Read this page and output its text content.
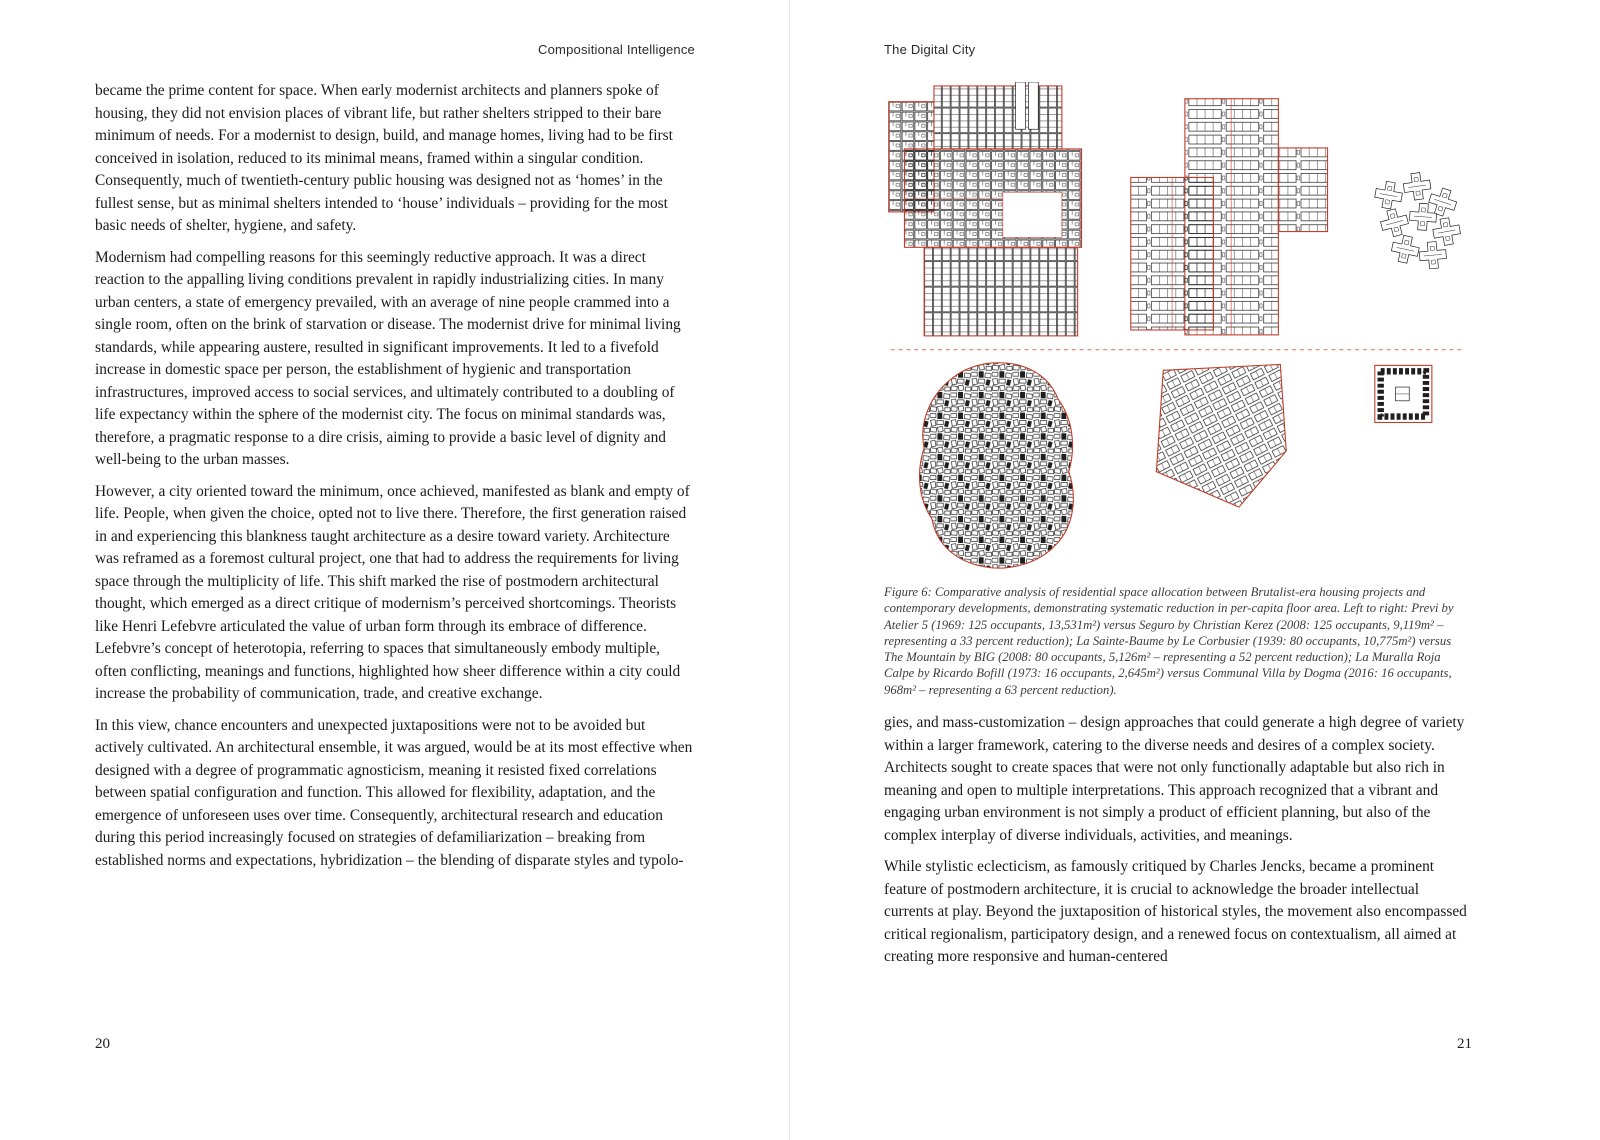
Compositional Intelligence

became the prime content for space. When early modernist architects and planners spoke of housing, they did not envision places of vibrant life, but rather shelters stripped to their bare minimum of needs. For a modernist to design, build, and manage homes, living had to be first conceived in isolation, reduced to its minimal means, framed within a singular condition. Consequently, much of twentieth-century public housing was designed not as ‘homes’ in the fullest sense, but as minimal shelters intended to ‘house’ individuals – providing for the most basic needs of shelter, hygiene, and safety.

Modernism had compelling reasons for this seemingly reductive approach. It was a direct reaction to the appalling living conditions prevalent in rapidly industrializing cities. In many urban centers, a state of emergency prevailed, with an average of nine people crammed into a single room, often on the brink of starvation or disease. The modernist drive for minimal living standards, while appearing austere, resulted in significant improvements. It led to a fivefold increase in domestic space per person, the establishment of hygienic and transportation infrastructures, improved access to social services, and ultimately contributed to a doubling of life expectancy within the sphere of the modernist city. The focus on minimal standards was, therefore, a pragmatic response to a dire crisis, aiming to provide a basic level of dignity and well-being to the urban masses.

However, a city oriented toward the minimum, once achieved, manifested as blank and empty of life. People, when given the choice, opted not to live there. Therefore, the first generation raised in and experiencing this blankness taught architecture as a desire toward variety. Architecture was reframed as a foremost cultural project, one that had to address the requirements for living space through the multiplicity of life. This shift marked the rise of postmodern architectural thought, which emerged as a direct critique of modernism’s perceived shortcomings. Theorists like Henri Lefebvre articulated the value of urban form through its embrace of difference. Lefebvre’s concept of heterotopia, referring to spaces that simultaneously embody multiple, often conflicting, meanings and functions, highlighted how sheer difference within a city could increase the probability of communication, trade, and creative exchange.

In this view, chance encounters and unexpected juxtapositions were not to be avoided but actively cultivated. An architectural ensemble, it was argued, would be at its most effective when designed with a degree of programmatic agnosticism, meaning it resisted fixed correlations between spatial configuration and function. This allowed for flexibility, adaptation, and the emergence of unforeseen uses over time. Consequently, architectural research and education during this period increasingly focused on strategies of defamiliarization – breaking from established norms and expectations, hybridization – the blending of disparate styles and typolo-

20
The Digital City
Figure 6: Comparative analysis of residential space allocation between Brutalist-era housing projects and contemporary developments, demonstrating systematic reduction in per-capita floor area. Left to right: Previ by Atelier 5 (1969: 125 occupants, 13,531m²) versus Seguro by Christian Kerez (2008: 125 occupants, 9,119m² – representing a 33 percent reduction); La Sainte-Baume by Le Corbusier (1939: 80 occupants, 10,775m²) versus The Mountain by BIG (2008: 80 occupants, 5,126m² – representing a 52 percent reduction); La Muralla Roja Calpe by Ricardo Bofill (1973: 16 occupants, 2,645m²) versus Communal Villa by Dogma (2016: 16 occupants, 968m² – representing a 63 percent reduction).

gies, and mass-customization – design approaches that could generate a high degree of variety within a larger framework, catering to the diverse needs and desires of a complex society. Architects sought to create spaces that were not only functionally adaptable but also rich in meaning and open to multiple interpretations. This approach recognized that a vibrant and engaging urban environment is not simply a product of efficient planning, but also of the complex interplay of diverse individuals, activities, and meanings.

While stylistic eclecticism, as famously critiqued by Charles Jencks, became a prominent feature of postmodern architecture, it is crucial to acknowledge the broader intellectual currents at play. Beyond the juxtaposition of historical styles, the movement also encompassed critical regionalism, participatory design, and a renewed focus on contextualism, all aimed at creating more responsive and human-centered

21
